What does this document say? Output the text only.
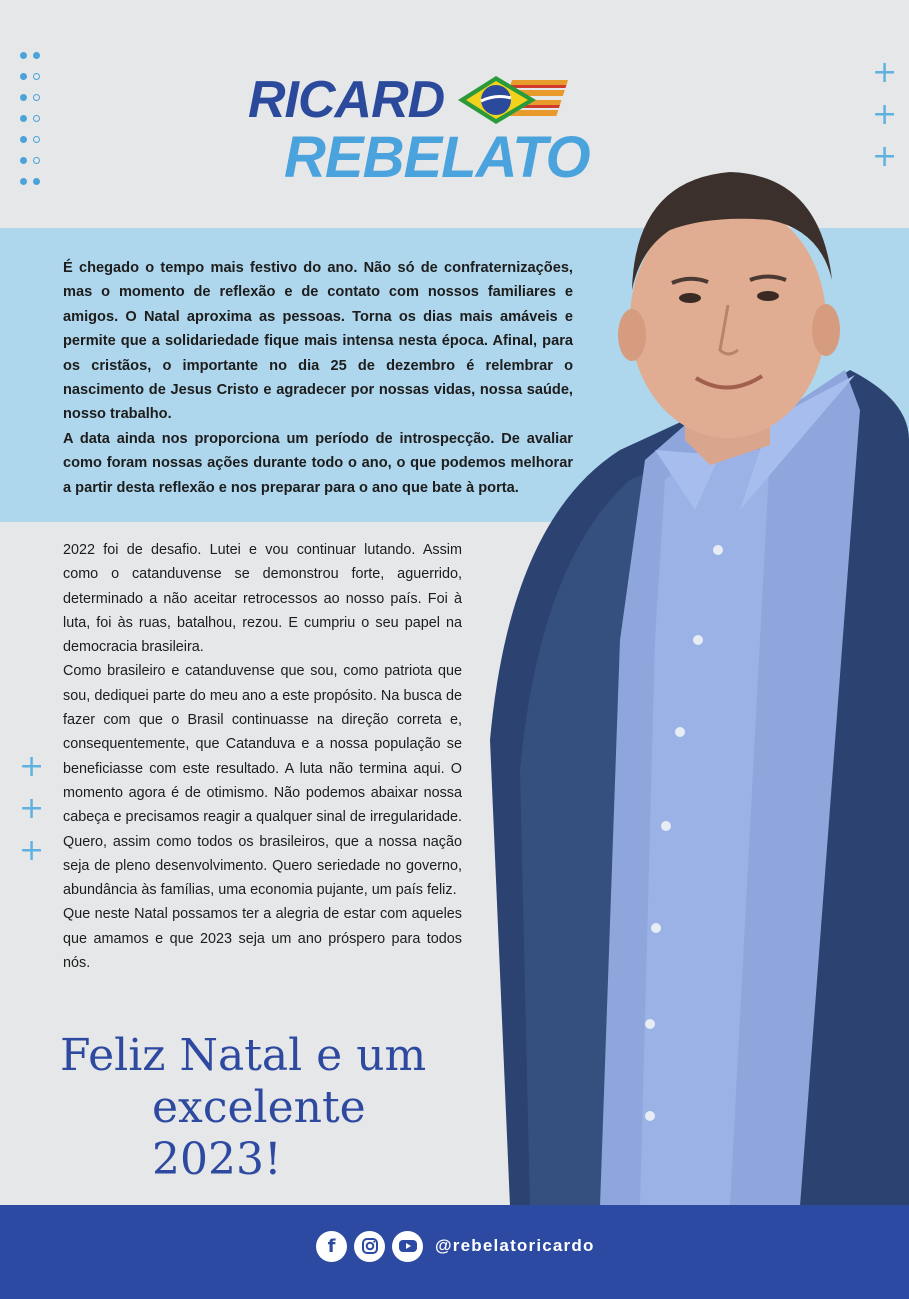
+
+
+
RICARD
REBELATO

É chegado o tempo mais festivo do ano. Não só de confraternizações, mas o momento de reflexão e de contato com nossos familiares e amigos. O Natal aproxima as pessoas. Torna os dias mais amáveis e permite que a solidariedade fique mais intensa nesta época. Afinal, para os cristãos, o importante no dia 25 de dezembro é relembrar o nascimento de Jesus Cristo e agradecer por nossas vidas, nossa saúde, nosso trabalho.

A data ainda nos proporciona um período de introspecção. De avaliar como foram nossas ações durante todo o ano, o que podemos melhorar a partir desta reflexão e nos preparar para o ano que bate à porta.

2022 foi de desafio. Lutei e vou continuar lutando. Assim como o catanduvense se demonstrou forte, aguerrido, determinado a não aceitar retrocessos ao nosso país. Foi à luta, foi às ruas, batalhou, rezou. E cumpriu o seu papel na democracia brasileira.

Como brasileiro e catanduvense que sou, como patriota que sou, dediquei parte do meu ano a este propósito. Na busca de fazer com que o Brasil continuasse na direção correta e, consequentemente, que Catanduva e a nossa população se beneficiasse com este resultado. A luta não termina aqui. O momento agora é de otimismo. Não podemos abaixar nossa cabeça e precisamos reagir a qualquer sinal de irregularidade. Quero, assim como todos os brasileiros, que a nossa nação seja de pleno desenvolvimento. Quero seriedade no governo, abundância às famílias, uma economia pujante, um país feliz.

Que neste Natal possamos ter a alegria de estar com aqueles que amamos e que 2023 seja um ano próspero para todos nós.

+
+
+
Feliz Natal e um
excelente 2023!
f	@rebelatoricardo
